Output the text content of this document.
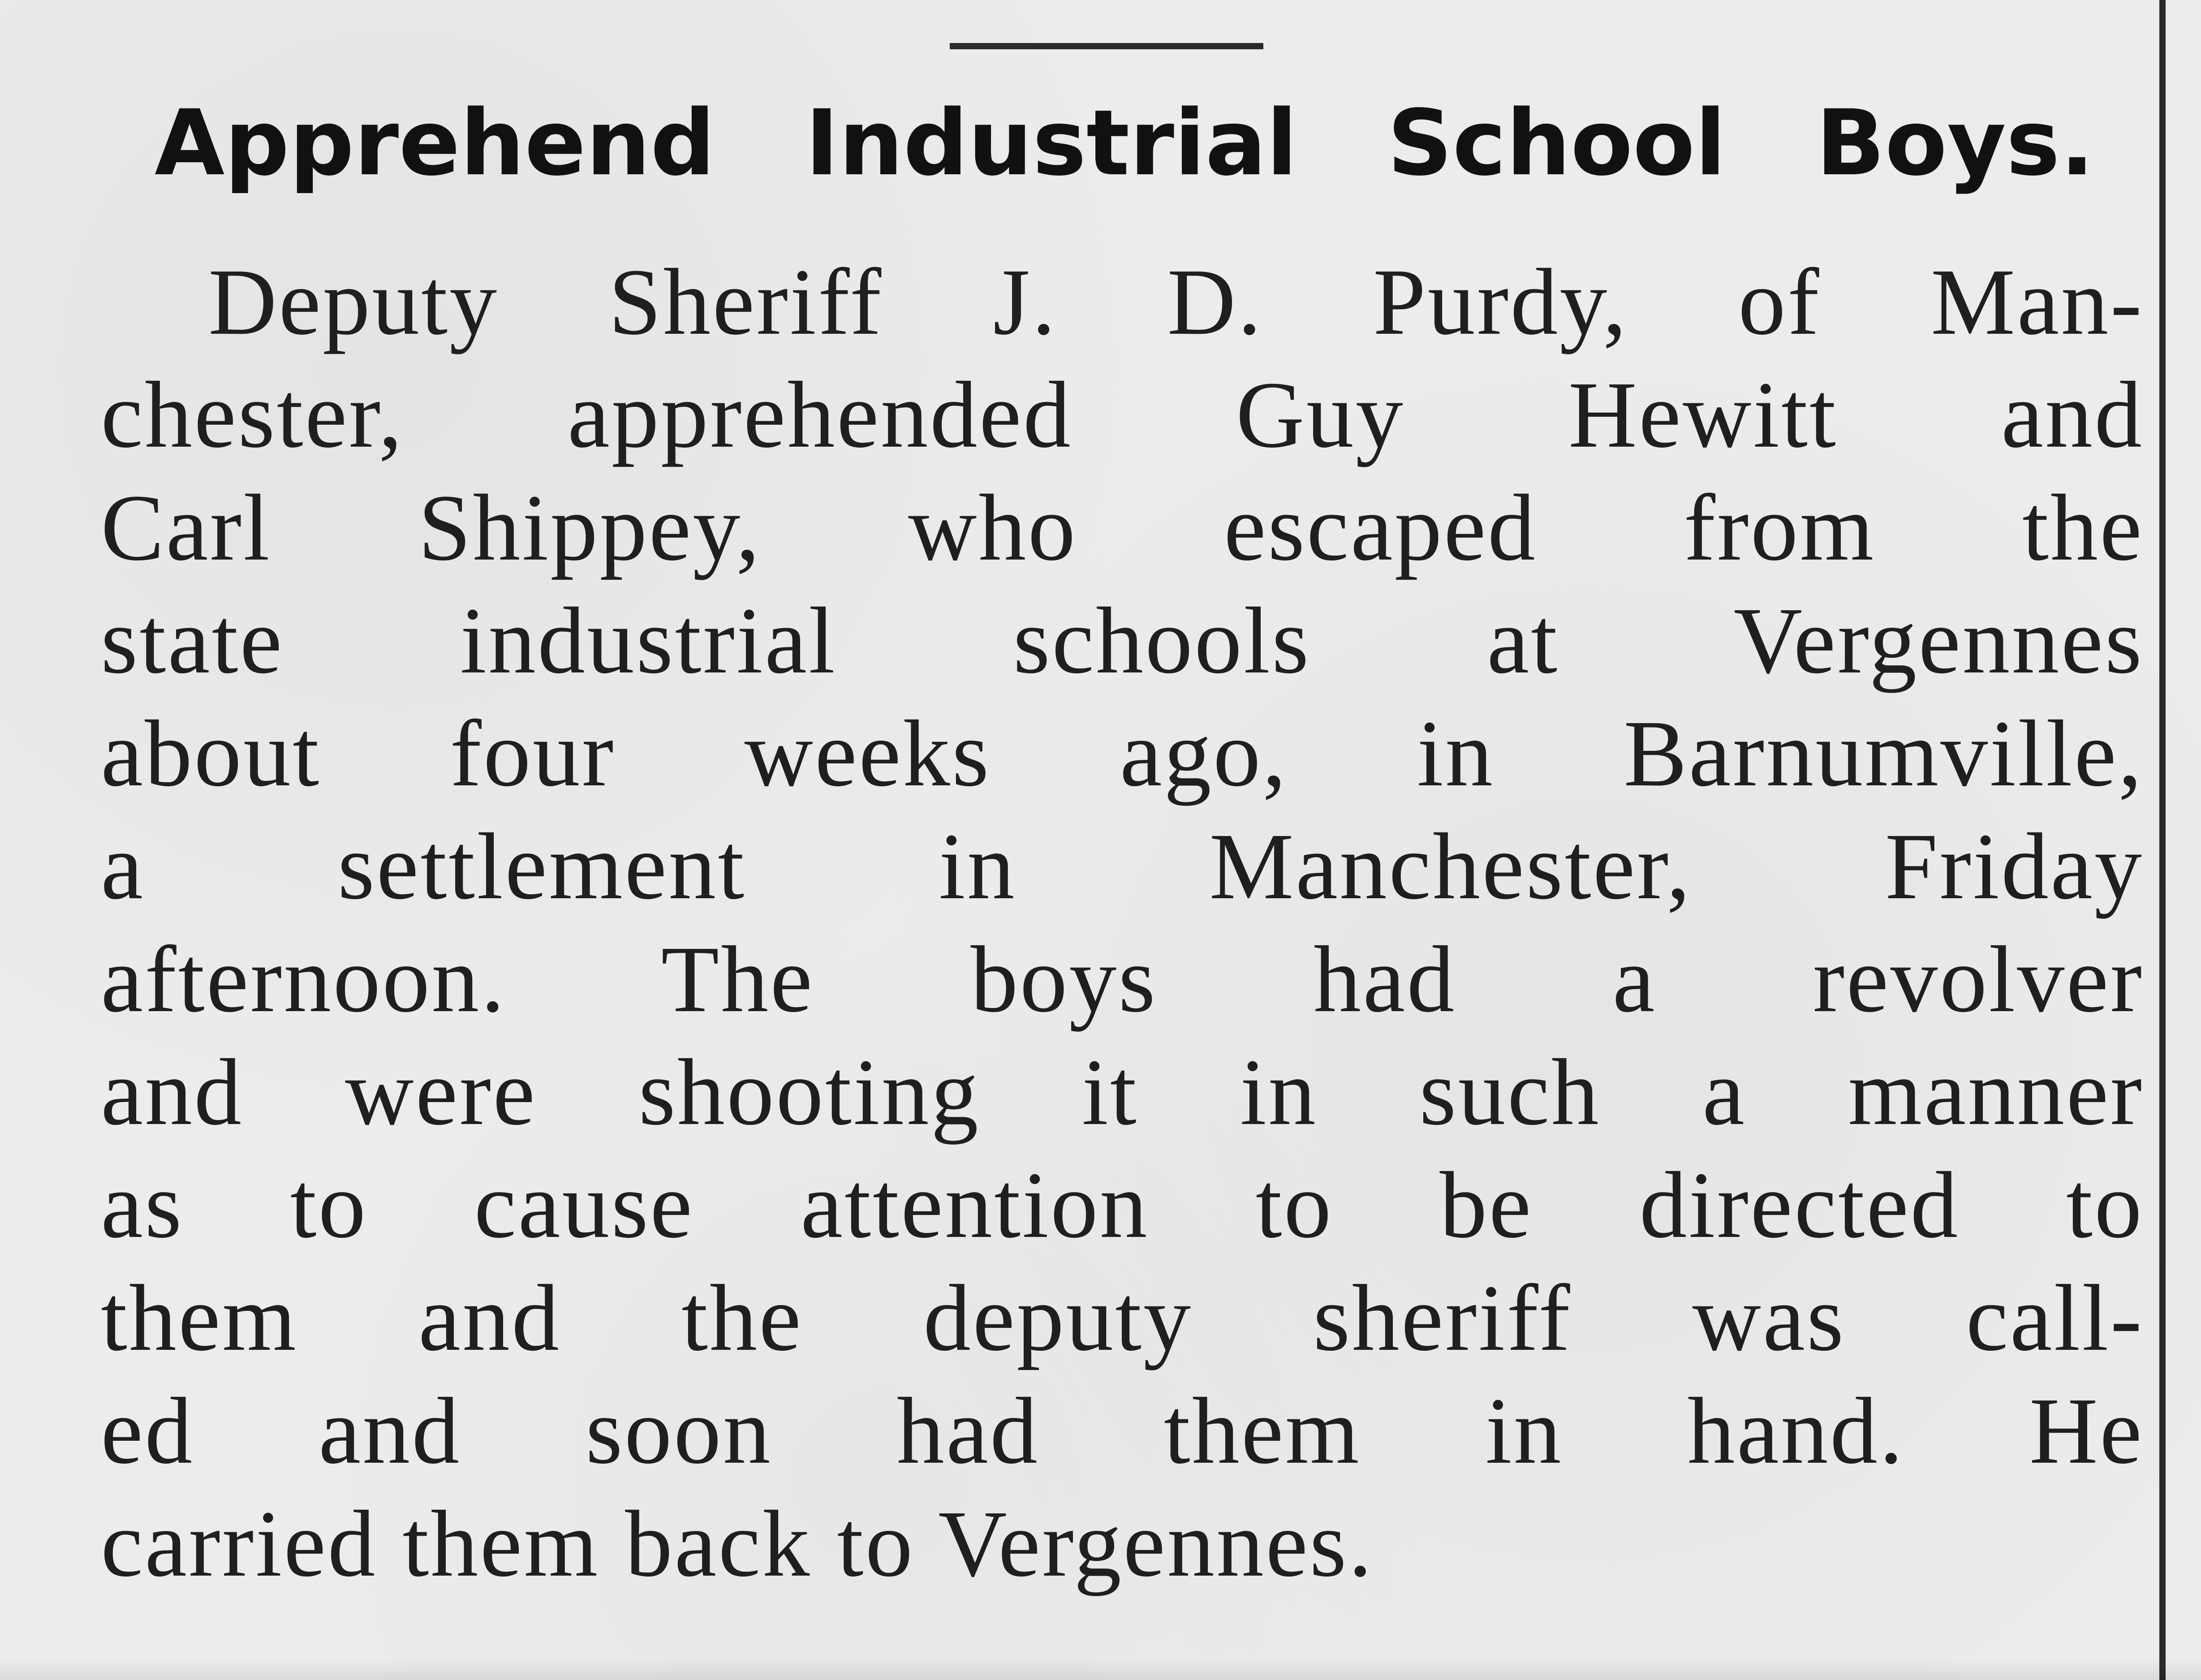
Apprehend Industrial School Boys.
Deputy Sheriff J. D. Purdy, of Man-
chester, apprehended Guy Hewitt and
Carl Shippey, who escaped from the
state industrial schools at Vergennes
about four weeks ago, in Barnumville,
a settlement in Manchester, Friday
afternoon. The boys had a revolver
and were shooting it in such a manner
as to cause attention to be directed to
them and the deputy sheriff was call-
ed and soon had them in hand. He
carried them back to Vergennes.
